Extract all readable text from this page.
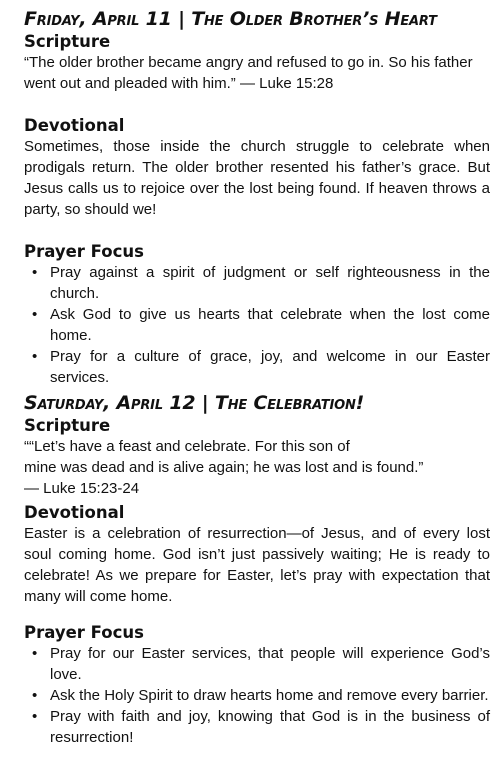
Friday, April 11 | The Older Brother’s Heart
Scripture

“The older brother became angry and refused to go in. So his father went out and pleaded with him.” — Luke 15:28

Devotional

Sometimes, those inside the church struggle to celebrate when prodigals return. The older brother resented his father’s grace. But Jesus calls us to rejoice over the lost being found. If heaven throws a party, so should we!

Prayer Focus
• Pray against a spirit of judgment or self righteousness in the church.
• Ask God to give us hearts that celebrate when the lost come home.
• Pray for a culture of grace, joy, and welcome in our Easter services.
Saturday, April 12 | The Celebration!
Scripture

““Let’s have a feast and celebrate. For this son of
mine was dead and is alive again; he was lost and is found.”
— Luke 15:23-24

Devotional

Easter is a celebration of resurrection—of Jesus, and of every lost soul coming home. God isn’t just passively waiting; He is ready to celebrate! As we prepare for Easter, let’s pray with expectation that many will come home.

Prayer Focus
• Pray for our Easter services, that people will experience God’s love.
• Ask the Holy Spirit to draw hearts home and remove every barrier.
• Pray with faith and joy, knowing that God is in the business of resurrection!
